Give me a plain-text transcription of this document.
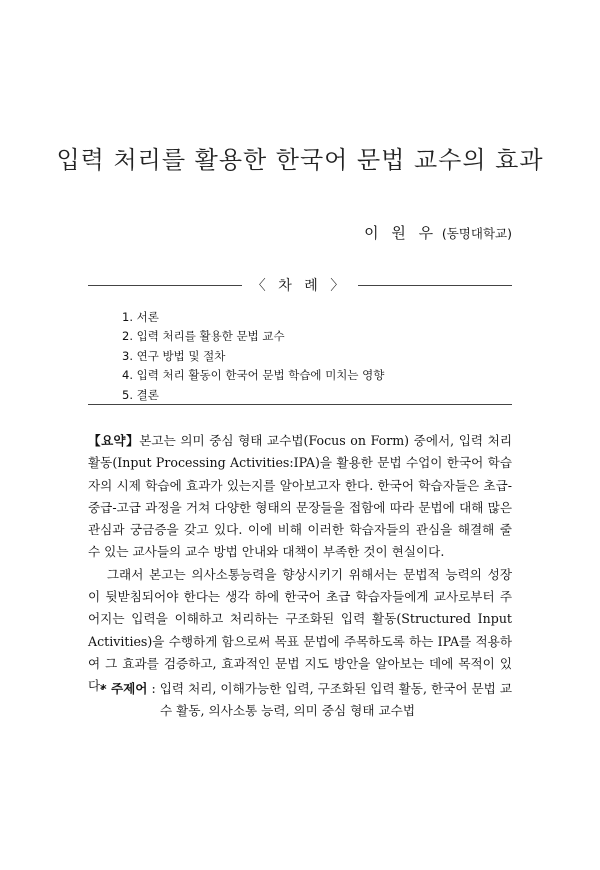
입력 처리를 활용한 한국어 문법 교수의 효과
이 원 우 (동명대학교)
〈 차 례 〉
1. 서론
2. 입력 처리를 활용한 문법 교수
3. 연구 방법 및 절차
4. 입력 처리 활동이 한국어 문법 학습에 미치는 영향
5. 결론

【요약】본고는 의미 중심 형태 교수법(Focus on Form) 중에서, 입력 처리 활동(Input Processing Activities:IPA)을 활용한 문법 수업이 한국어 학습자의 시제 학습에 효과가 있는지를 알아보고자 한다. 한국어 학습자들은 초급-중급-고급 과정을 거쳐 다양한 형태의 문장들을 접함에 따라 문법에 대해 많은 관심과 궁금증을 갖고 있다. 이에 비해 이러한 학습자들의 관심을 해결해 줄 수 있는 교사들의 교수 방법 안내와 대책이 부족한 것이 현실이다.

그래서 본고는 의사소통능력을 향상시키기 위해서는 문법적 능력의 성장이 뒷받침되어야 한다는 생각 하에 한국어 초급 학습자들에게 교사로부터 주어지는 입력을 이해하고 처리하는 구조화된 입력 활동(Structured Input Activities)을 수행하게 함으로써 목표 문법에 주목하도록 하는 IPA를 적용하여 그 효과를 검증하고, 효과적인 문법 지도 방안을 알아보는 데에 목적이 있다.

* 주제어 : 입력 처리, 이해가능한 입력, 구조화된 입력 활동, 한국어 문법 교수 활동, 의사소통 능력, 의미 중심 형태 교수법
